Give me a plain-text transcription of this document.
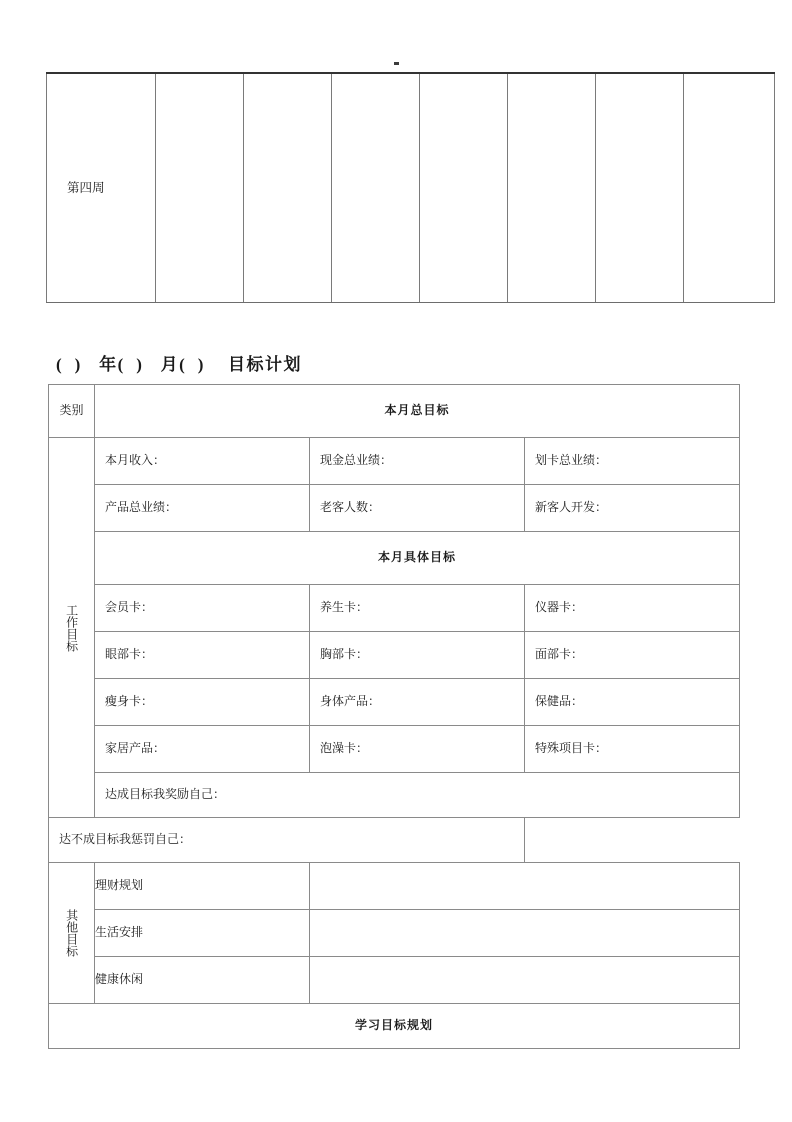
第四周							
(  )   年(  )   月(  )    目标计划
类别	本月总目标		

工作目标	本月收入：	现金总业绩：	划卡总业绩：
	产品总业绩：	老客人数：	新客人开发：
	本月具体目标		
	会员卡：	养生卡：	仪器卡：
	眼部卡：	胸部卡：	面部卡：
	瘦身卡：	身体产品：	保健品：
	家居产品：	泡澡卡：	特殊项目卡：
	达成目标我奖励自己：		
达不成目标我惩罚自己：			

其他目标	理财规划		
	生活安排		
	健康休闲		
学习目标规划			
